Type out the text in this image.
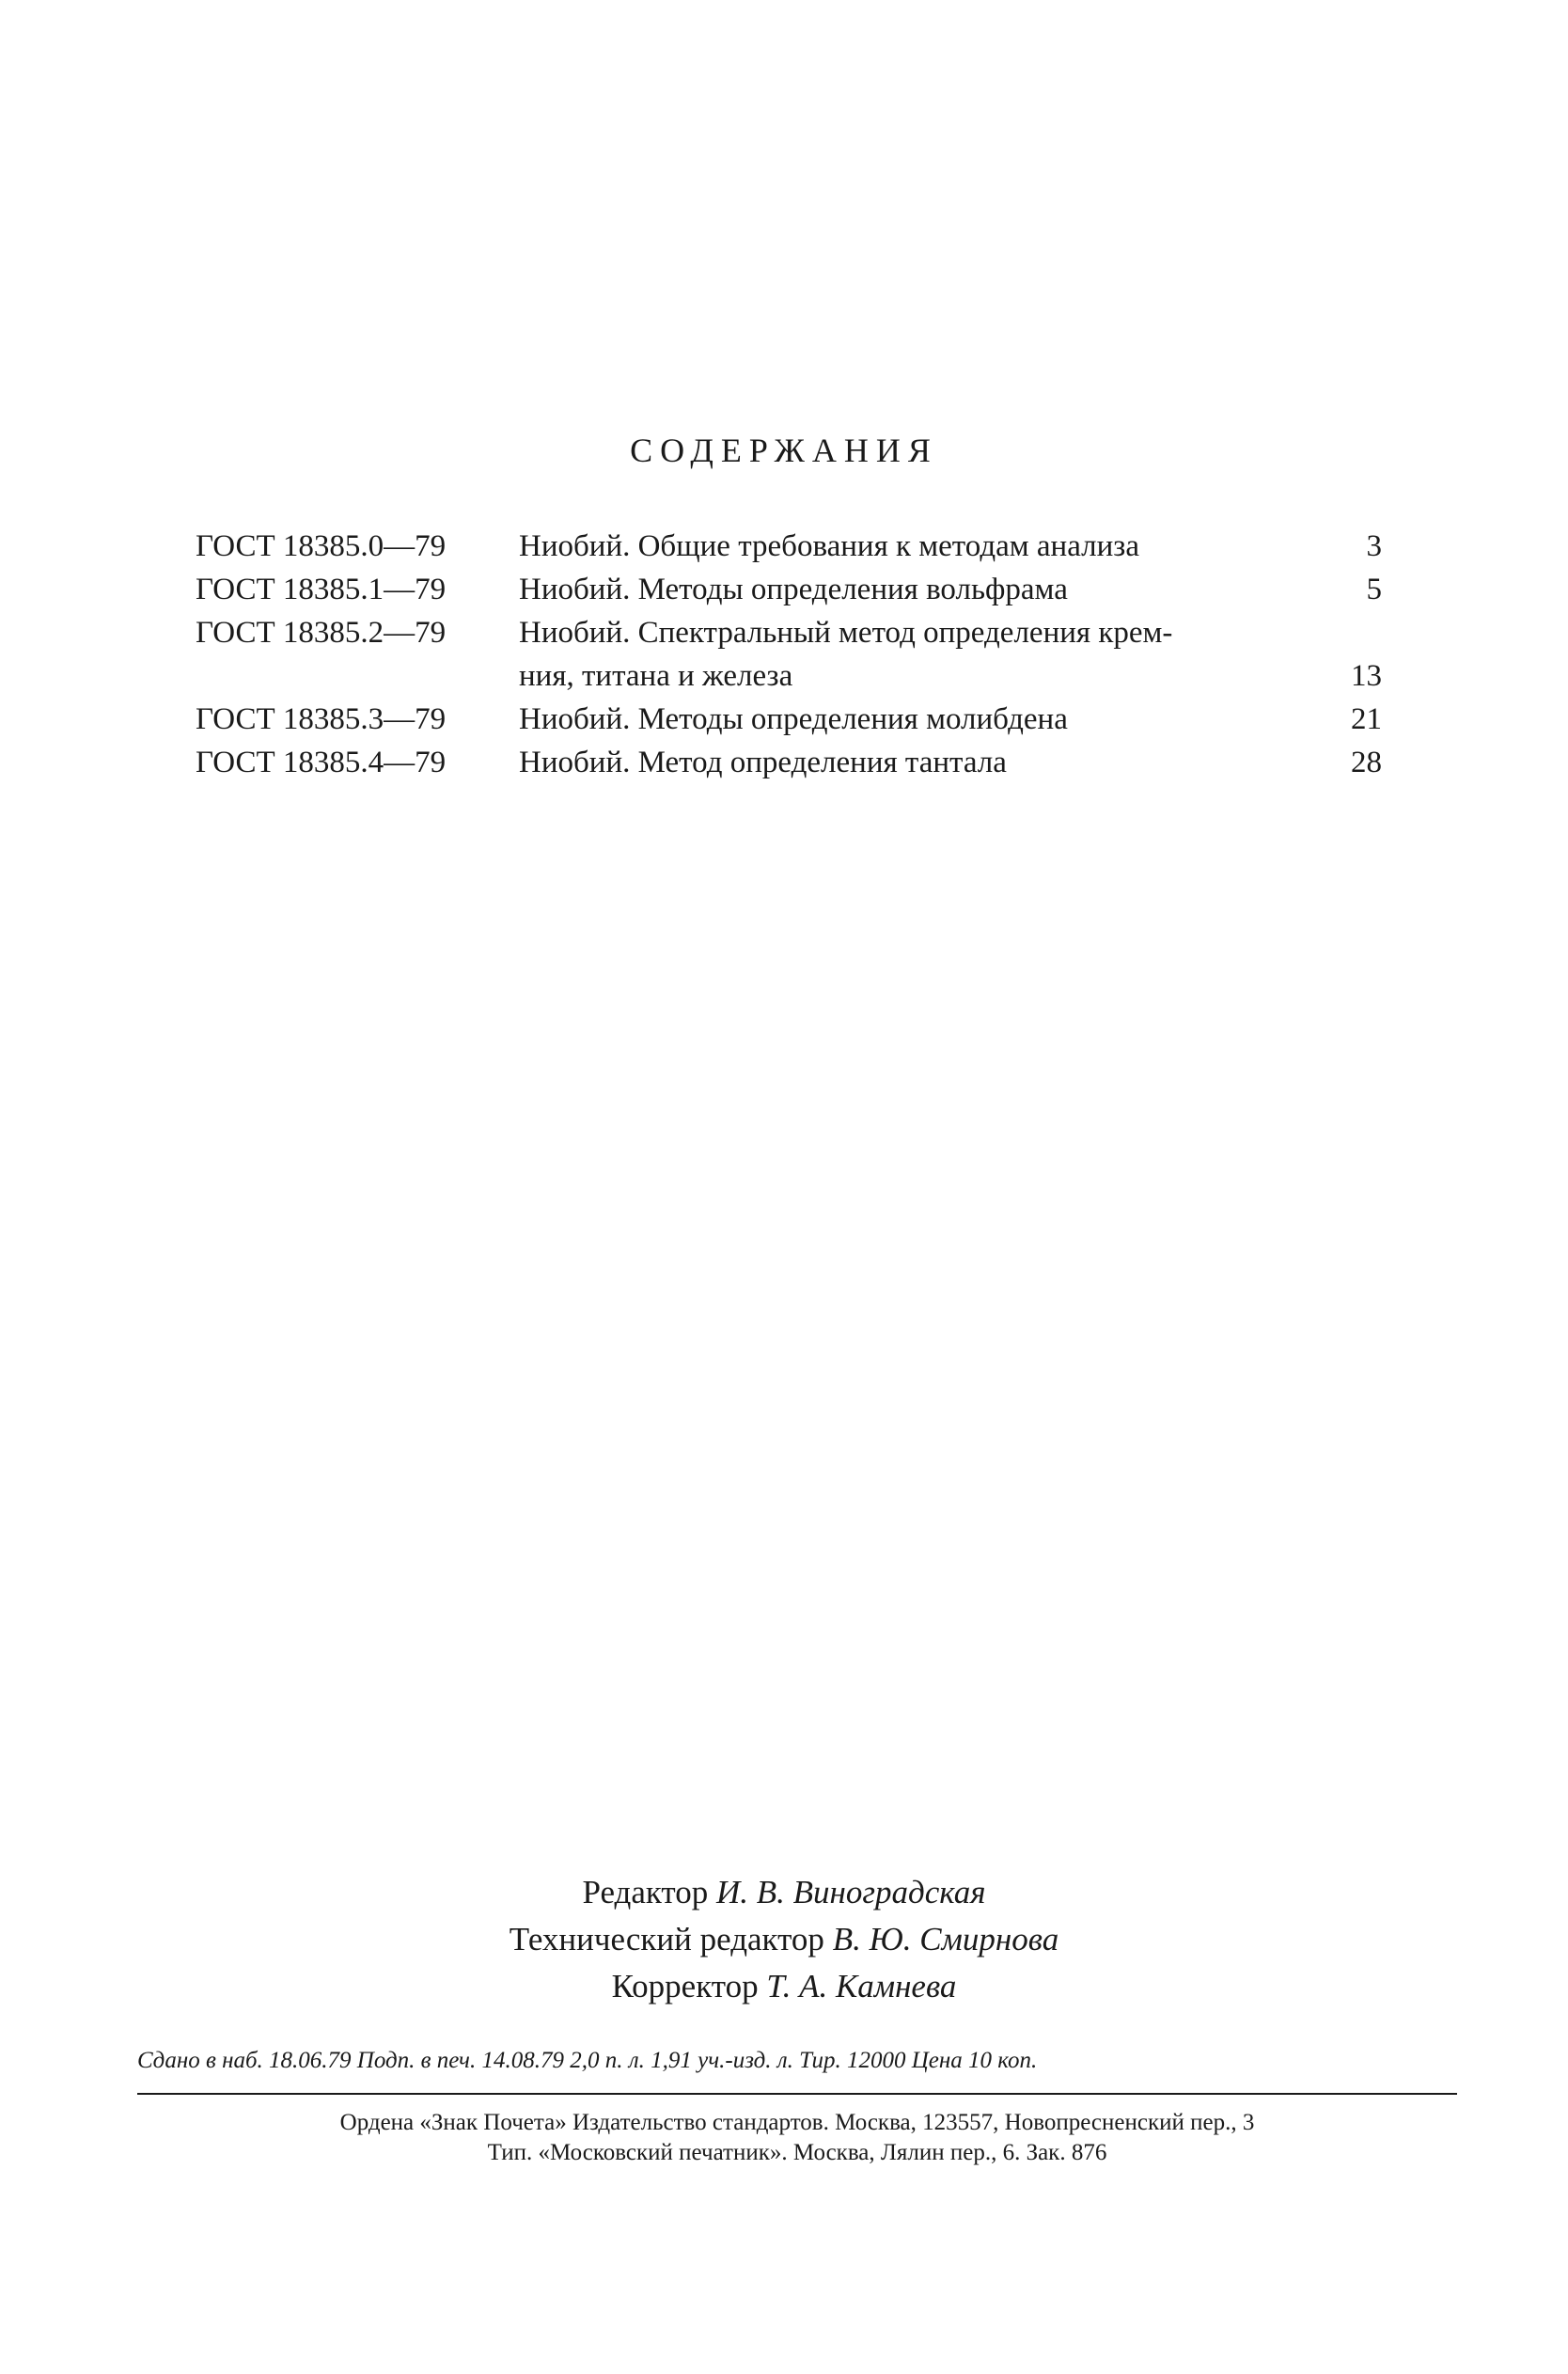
СОДЕРЖАНИЯ
ГОСТ 18385.0—79	Ниобий. Общие требования к методам анализа	3
ГОСТ 18385.1—79	Ниобий. Методы определения вольфрама	5
ГОСТ 18385.2—79	Ниобий. Спектральный метод определения крем-
ния, титана и железа	13
ГОСТ 18385.3—79	Ниобий. Методы определения молибдена	21
ГОСТ 18385.4—79	Ниобий. Метод определения тантала	28
Редактор И. В. Виноградская
Технический редактор В. Ю. Смирнова
Корректор Т. А. Камнева
Сдано в наб. 18.06.79 Подп. в печ. 14.08.79 2,0 п. л. 1,91 уч.-изд. л. Тир. 12000 Цена 10 коп.
Ордена «Знак Почета» Издательство стандартов. Москва, 123557, Новопресненский пер., 3
Тип. «Московский печатник». Москва, Лялин пер., 6. Зак. 876
